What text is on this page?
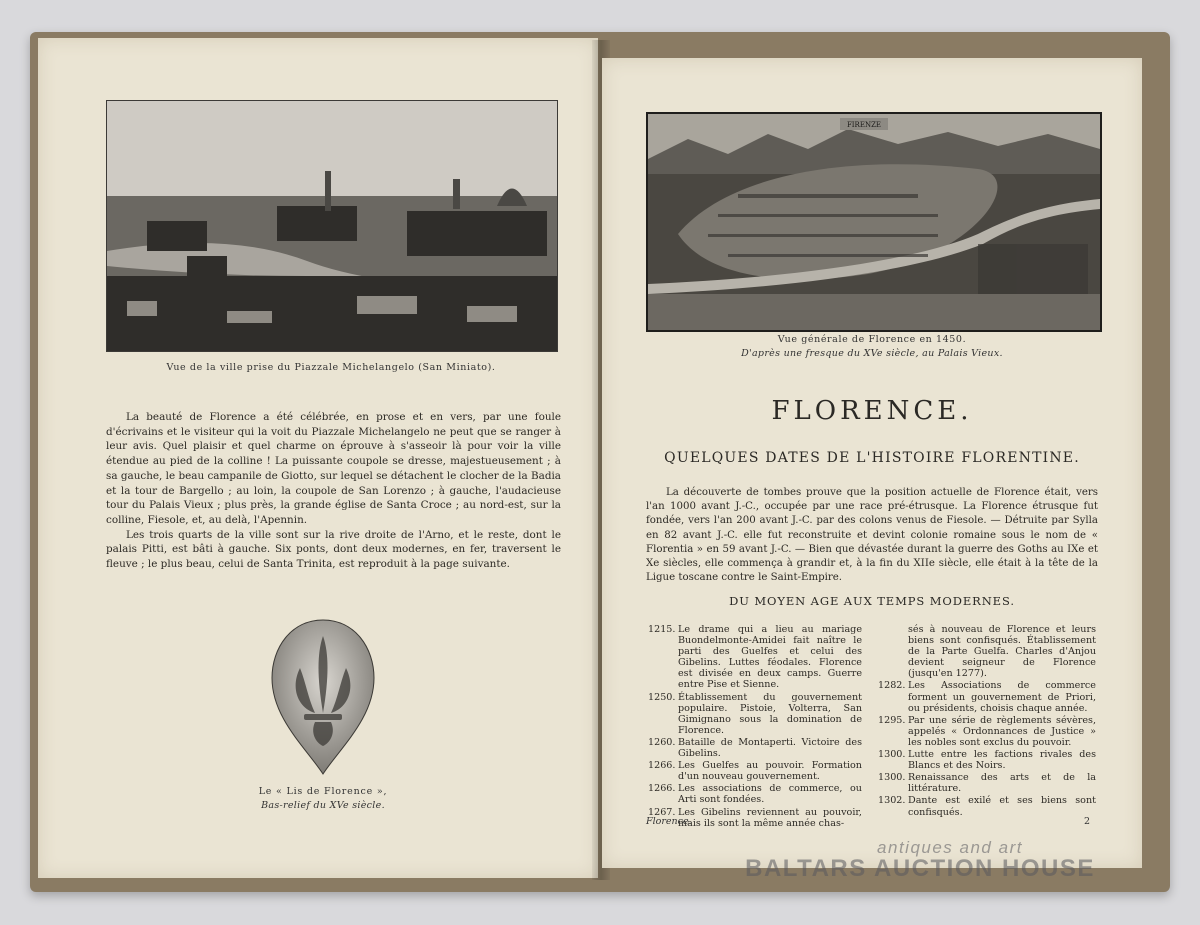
Vue de la ville prise du Piazzale Michelangelo (San Miniato).

La beauté de Florence a été célébrée, en prose et en vers, par une foule d'écrivains et le visiteur qui la voit du Piazzale Michelangelo ne peut que se ranger à leur avis. Quel plaisir et quel charme on éprouve à s'asseoir là pour voir la ville étendue au pied de la colline ! La puissante coupole se dresse, majestueusement ; à sa gauche, le beau campanile de Giotto, sur lequel se détachent le clocher de la Badia et la tour de Bargello ; au loin, la coupole de San Lorenzo ; à gauche, l'audacieuse tour du Palais Vieux ; plus près, la grande église de Santa Croce ; au nord-est, sur la colline, Fiesole, et, au delà, l'Apennin.

Les trois quarts de la ville sont sur la rive droite de l'Arno, et le reste, dont le palais Pitti, est bâti à gauche. Six ponts, dont deux modernes, en fer, traversent le fleuve ; le plus beau, celui de Santa Trinita, est reproduit à la page suivante.

Le « Lis de Florence »,
Bas-relief du XVe siècle.
FIRENZE
Vue générale de Florence en 1450.
D'après une fresque du XVe siècle, au Palais Vieux.
FLORENCE.
QUELQUES DATES DE L'HISTOIRE FLORENTINE.

La découverte de tombes prouve que la position actuelle de Florence était, vers l'an 1000 avant J.-C., occupée par une race pré-étrusque. La Florence étrusque fut fondée, vers l'an 200 avant J.-C. par des colons venus de Fiesole. — Détruite par Sylla en 82 avant J.-C. elle fut reconstruite et devint colonie romaine sous le nom de « Florentia » en 59 avant J.-C. — Bien que dévastée durant la guerre des Goths au IXe et Xe siècles, elle commença à grandir et, à la fin du XIIe siècle, elle était à la tête de la Ligue toscane contre le Saint-Empire.

DU MOYEN AGE AUX TEMPS MODERNES.
1215. Le drame qui a lieu au mariage Buondelmonte-Amidei fait naître le parti des Guelfes et celui des Gibelins. Luttes féodales. Florence est divisée en deux camps. Guerre entre Pise et Sienne.
1250. Établissement du gouvernement populaire. Pistoie, Volterra, San Gimignano sous la domination de Florence.
1260. Bataille de Montaperti. Victoire des Gibelins.
1266. Les Guelfes au pouvoir. Formation d'un nouveau gouvernement.
1266. Les associations de commerce, ou Arti sont fondées.
1267. Les Gibelins reviennent au pouvoir, mais ils sont la même année chas-
sés à nouveau de Florence et leurs biens sont confisqués. Établissement de la Parte Guelfa. Charles d'Anjou devient seigneur de Florence (jusqu'en 1277).
1282. Les Associations de commerce forment un gouvernement de Priori, ou présidents, choisis chaque année.
1295. Par une série de règlements sévères, appelés « Ordonnances de Justice » les nobles sont exclus du pouvoir.
1300. Lutte entre les factions rivales des Blancs et des Noirs.
1300. Renaissance des arts et de la littérature.
1302. Dante est exilé et ses biens sont confisqués.
Florence.	2
antiques and art
BALTARS AUCTION HOUSE
